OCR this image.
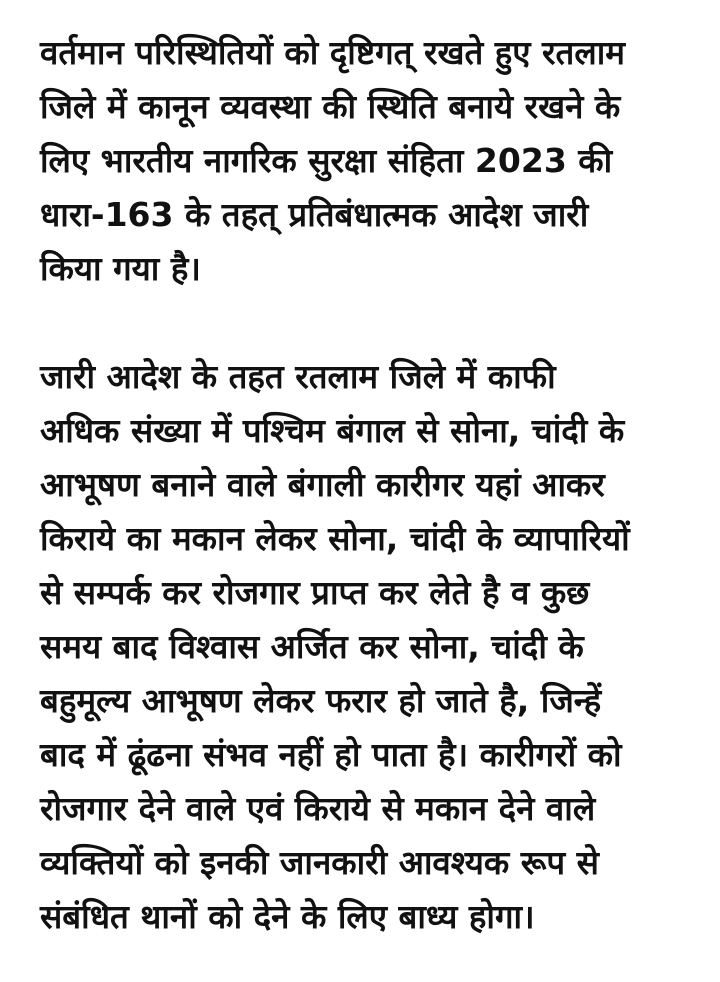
वर्तमान परिस्थितियों को दृष्टिगत् रखते हुए रतलाम
जिले में कानून व्यवस्था की स्थिति बनाये रखने के
लिए भारतीय नागरिक सुरक्षा संहिता 2023 की
धारा-163 के तहत् प्रतिबंधात्मक आदेश जारी
किया गया है।

जारी आदेश के तहत रतलाम जिले में काफी
अधिक संख्या में पश्चिम बंगाल से सोना, चांदी के
आभूषण बनाने वाले बंगाली कारीगर यहां आकर
किराये का मकान लेकर सोना, चांदी के व्यापारियों
से सम्पर्क कर रोजगार प्राप्त कर लेते है व कुछ
समय बाद विश्वास अर्जित कर सोना, चांदी के
बहुमूल्य आभूषण लेकर फरार हो जाते है, जिन्हें
बाद में ढूंढना संभव नहीं हो पाता है। कारीगरों को
रोजगार देने वाले एवं किराये से मकान देने वाले
व्यक्तियों को इनकी जानकारी आवश्यक रूप से
संबंधित थानों को देने के लिए बाध्य होगा।
